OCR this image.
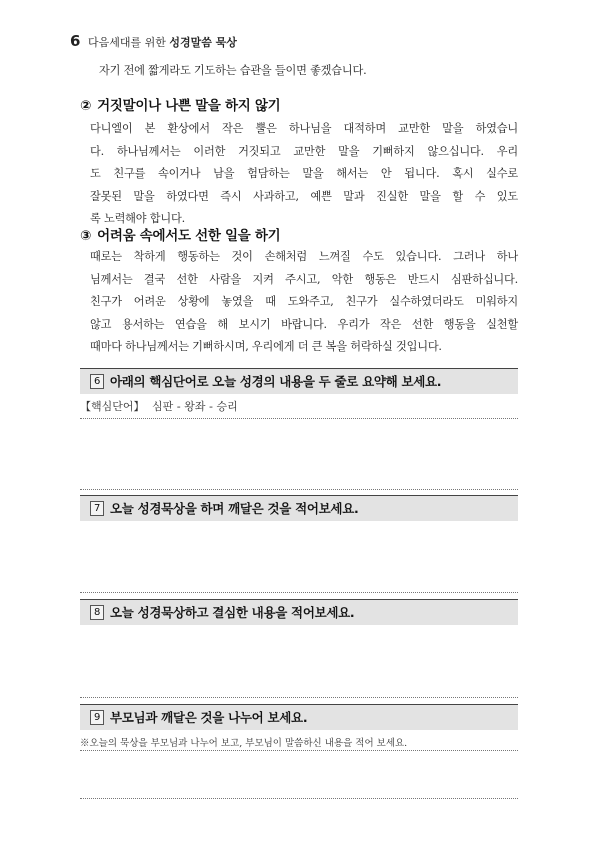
6 다음세대를 위한 성경말씀 묵상
자기 전에 짧게라도 기도하는 습관을 들이면 좋겠습니다.
② 거짓말이나 나쁜 말을 하지 않기
다니엘이 본 환상에서 작은 뿔은 하나님을 대적하며 교만한 말을 하였습니
다. 하나님께서는 이러한 거짓되고 교만한 말을 기뻐하지 않으십니다. 우리
도 친구를 속이거나 남을 험담하는 말을 해서는 안 됩니다. 혹시 실수로
잘못된 말을 하였다면 즉시 사과하고, 예쁜 말과 진실한 말을 할 수 있도
록 노력해야 합니다.
③ 어려움 속에서도 선한 일을 하기
때로는 착하게 행동하는 것이 손해처럼 느껴질 수도 있습니다. 그러나 하나
님께서는 결국 선한 사람을 지켜 주시고, 악한 행동은 반드시 심판하십니다.
친구가 어려운 상황에 놓였을 때 도와주고, 친구가 실수하였더라도 미워하지
않고 용서하는 연습을 해 보시기 바랍니다. 우리가 작은 선한 행동을 실천할
때마다 하나님께서는 기뻐하시며, 우리에게 더 큰 복을 허락하실 것입니다.
6 아래의 핵심단어로 오늘 성경의 내용을 두 줄로 요약해 보세요.
【핵심단어】 심판 - 왕좌 - 승리
7 오늘 성경묵상을 하며 깨달은 것을 적어보세요.
8 오늘 성경묵상하고 결심한 내용을 적어보세요.
9 부모님과 깨달은 것을 나누어 보세요.
※오늘의 묵상을 부모님과 나누어 보고, 부모님이 말씀하신 내용을 적어 보세요.
